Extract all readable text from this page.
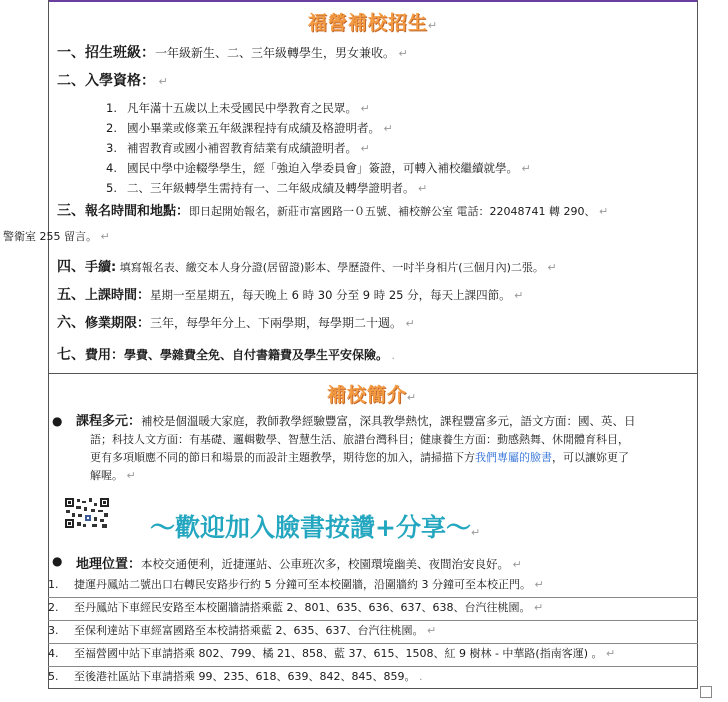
福營補校招生↵
一、招生班級：一年級新生、二、三年級轉學生，男女兼收。 ↵
二、入學資格： ↵
1. 凡年滿十五歲以上未受國民中學教育之民眾。 ↵
2. 國小畢業或修業五年級課程持有成績及格證明者。 ↵
3. 補習教育或國小補習教育結業有成績證明者。 ↵
4. 國民中學中途輟學學生，經「強迫入學委員會」簽證，可轉入補校繼續就學。 ↵
5. 二、三年級轉學生需持有一、二年級成績及轉學證明者。 ↵
三、報名時間和地點：即日起開始報名，新莊市富國路一０五號、補校辦公室 電話：22048741 轉 290、 ↵
警衛室 255 留言。 ↵
四、手續: 填寫報名表、繳交本人身分證(居留證)影本、學歷證件、一吋半身相片(三個月內)二張。 ↵
五、上課時間：星期一至星期五，每天晚上 6 時 30 分至 9 時 25 分，每天上課四節。 ↵
六、修業期限：三年，每學年分上、下兩學期，每學期二十週。 ↵
七、費用：學費、學雜費全免、自付書籍費及學生平安保險。 .
補校簡介↵
● 課程多元：補校是個溫暖大家庭，教師教學經驗豐富，深具教學熱忱，課程豐富多元，語文方面：國、英、日
語；科技人文方面：有基礎、邏輯數學、智慧生活、旅譜台灣科目；健康養生方面：動感熱舞、休閒體育科目，
更有多項順應不同的節日和場景的而設計主題教學，期待您的加入，請掃描下方我們專屬的臉書，可以讓妳更了
解喔。 ↵
～歡迎加入臉書按讚+分享～↵
● 地理位置：本校交通便利，近捷運站、公車班次多，校園環境幽美、夜間治安良好。 ↵
1. 捷運丹鳳站二號出口右轉民安路步行約 5 分鐘可至本校圍牆，沿圍牆約 3 分鐘可至本校正門。 ↵
2. 至丹鳳站下車經民安路至本校圍牆請搭乘藍 2、801、635、636、637、638、台汽往桃園。 ↵
3. 至保利達站下車經富國路至本校請搭乘藍 2、635、637、台汽往桃園。 ↵
4. 至福營國中站下車請搭乘 802、799、橘 21、858、藍 37、615、1508、紅 9 樹林 - 中華路(指南客運) 。 ↵
5. 至後港社區站下車請搭乘 99、235、618、639、842、845、859。 .
